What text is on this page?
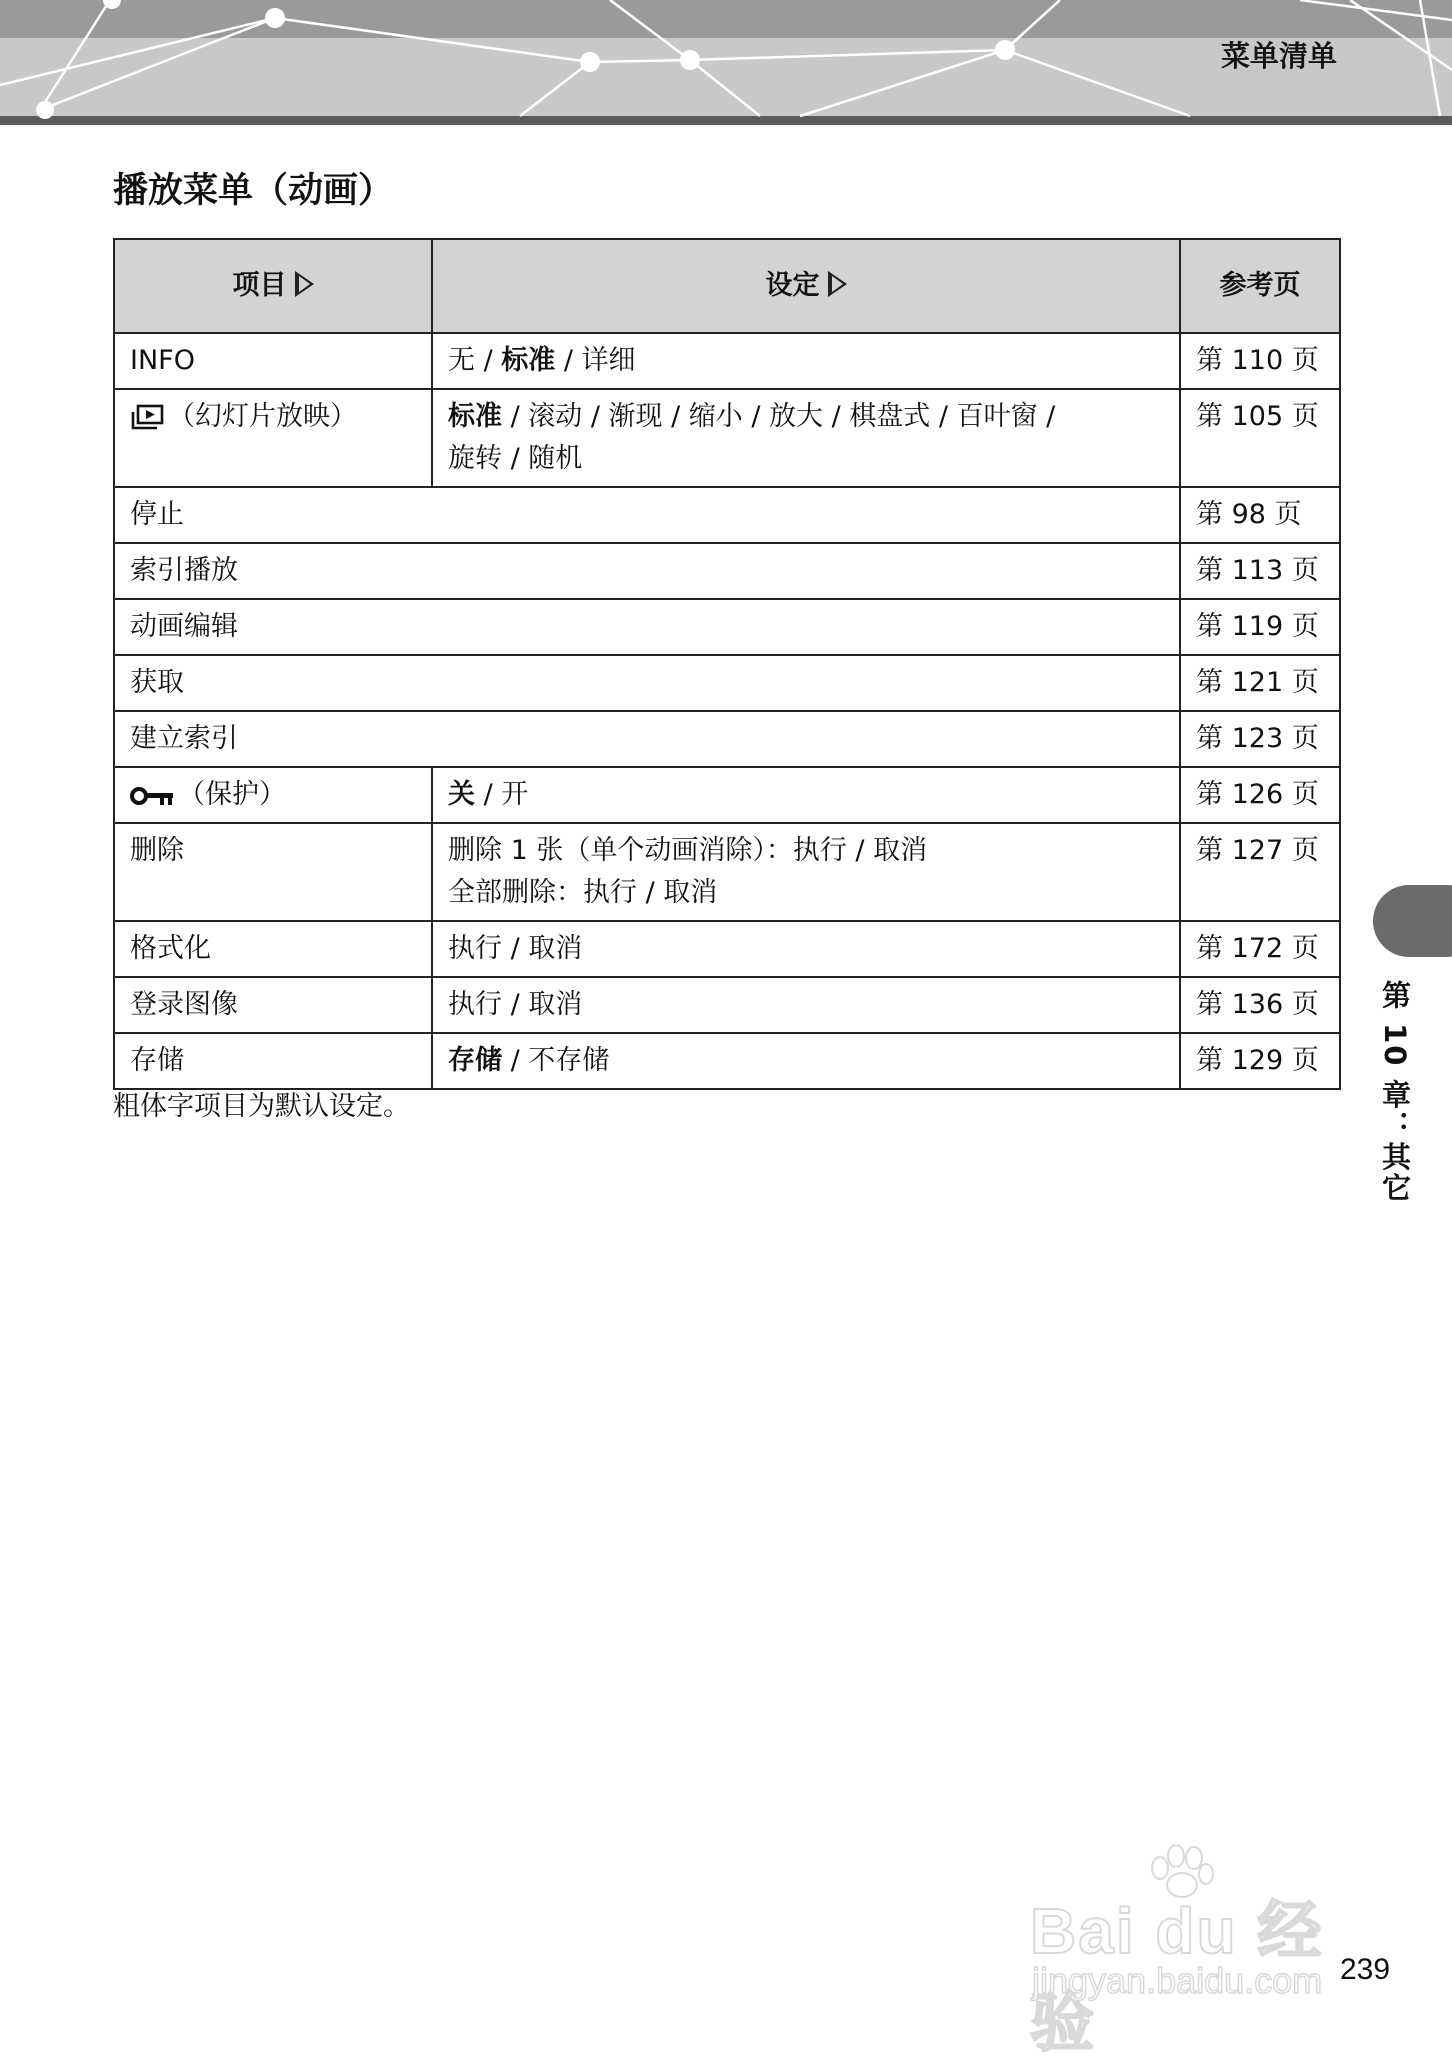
菜单清单
播放菜单（动画）
项目	设定	参考页
INFO	无 / 标准 / 详细	第 110 页

（幻灯片放映）	标准 / 滚动 / 渐现 / 缩小 / 放大 / 棋盘式 / 百叶窗 /
旋转 / 随机	第 105 页
停止		第 98 页
索引播放		第 113 页
动画编辑		第 119 页
获取		第 121 页
建立索引		第 123 页

（保护）	关 / 开	第 126 页
删除	删除 1 张（单个动画消除）：执行 / 取消
全部删除：执行 / 取消	第 127 页
格式化	执行 / 取消	第 172 页
登录图像	执行 / 取消	第 136 页
存储	存储 / 不存储	第 129 页
粗体字项目为默认设定。	第 10 章：其它
Bai du 经验
jingyan.baidu.com 239
